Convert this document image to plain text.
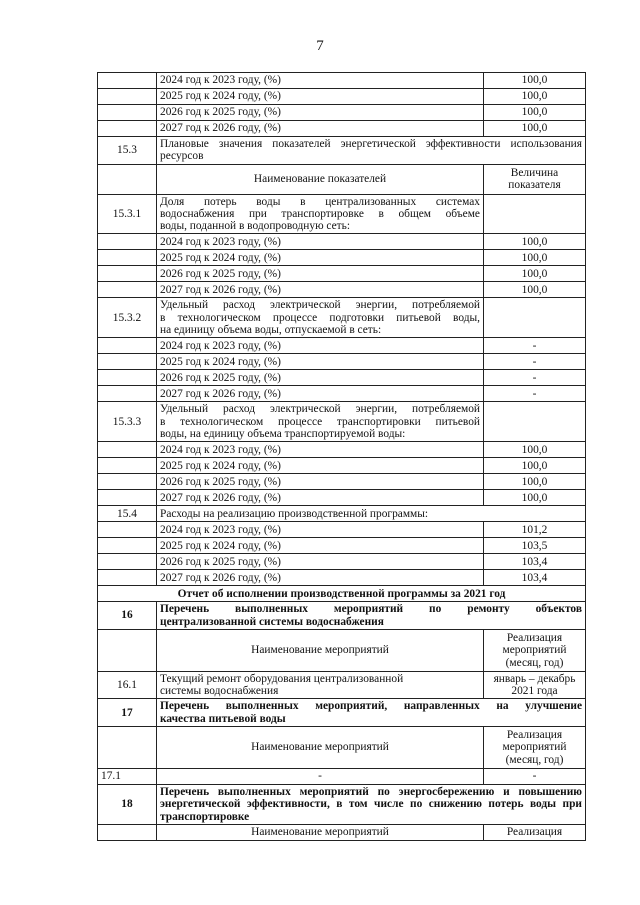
7
	2024 год к 2023 году, (%)	100,0
	2025 год к 2024 году, (%)	100,0
	2026 год к 2025 году, (%)	100,0
	2027 год к 2026 году, (%)	100,0
15.3	Плановые значения показателей энергетической эффективности использования
ресурсов	

	Наименование показателей	Величина показателя
15.3.1	Доля потерь воды в централизованных системах
водоснабжения при транспортировке в общем объеме
воды, поданной в водопроводную сеть:	

	2024 год к 2023 году, (%)	100,0
	2025 год к 2024 году, (%)	100,0
	2026 год к 2025 году, (%)	100,0
	2027 год к 2026 году, (%)	100,0
15.3.2	Удельный расход электрической энергии, потребляемой
в технологическом процессе подготовки питьевой воды,
на единицу объема воды, отпускаемой в сеть:	

	2024 год к 2023 году, (%)	-
	2025 год к 2024 году, (%)	-
	2026 год к 2025 году, (%)	-
	2027 год к 2026 году, (%)	-
15.3.3	Удельный расход электрической энергии, потребляемой
в технологическом процессе транспортировки питьевой
воды, на единицу объема транспортируемой воды:	

	2024 год к 2023 году, (%)	100,0
	2025 год к 2024 году, (%)	100,0
	2026 год к 2025 году, (%)	100,0
	2027 год к 2026 году, (%)	100,0
15.4	Расходы на реализацию производственной программы:	
	2024 год к 2023 году, (%)	101,2
	2025 год к 2024 году, (%)	103,5
	2026 год к 2025 году, (%)	103,4
	2027 год к 2026 году, (%)	103,4
Отчет об исполнении производственной программы за 2021 год		
16	Перечень выполненных мероприятий по ремонту объектов
централизованной системы водоснабжения	

	Наименование мероприятий	Реализация мероприятий (месяц, год)
16.1	Текущий ремонт оборудования централизованной
системы водоснабжения	январь – декабрь 2021 года
17	Перечень выполненных мероприятий, направленных на улучшение
качества питьевой воды	

	Наименование мероприятий	Реализация мероприятий (месяц, год)
17.1	-	-
18	Перечень выполненных мероприятий по энергосбережению и повышению
энергетической эффективности, в том числе по снижению потерь воды при
транспортировке	

	Наименование мероприятий	Реализация
